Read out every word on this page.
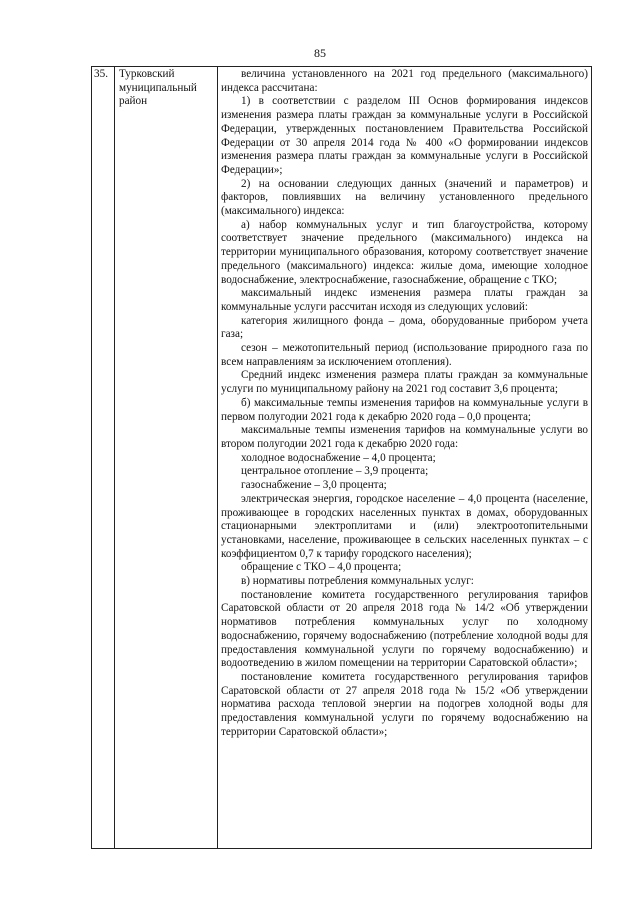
85
35. Турковский муниципальный район

величина установленного на 2021 год предельного (максимального) индекса рассчитана:

1) в соответствии с разделом III Основ формирования индексов изменения размера платы граждан за коммунальные услуги в Российской Федерации, утвержденных постановлением Правительства Российской Федерации от 30 апреля 2014 года № 400 «О формировании индексов изменения размера платы граждан за коммунальные услуги в Российской Федерации»;

2) на основании следующих данных (значений и параметров) и факторов, повлиявших на величину установленного предельного (максимального) индекса:

а) набор коммунальных услуг и тип благоустройства, которому соответствует значение предельного (максимального) индекса на территории муниципального образования, которому соответствует значение предельного (максимального) индекса: жилые дома, имеющие холодное водоснабжение, электроснабжение, газоснабжение, обращение с ТКО;

максимальный индекс изменения размера платы граждан за коммунальные услуги рассчитан исходя из следующих условий:

категория жилищного фонда – дома, оборудованные прибором учета газа;

сезон – межотопительный период (использование природного газа по всем направлениям за исключением отопления).

Средний индекс изменения размера платы граждан за коммунальные услуги по муниципальному району на 2021 год составит 3,6 процента;

б) максимальные темпы изменения тарифов на коммунальные услуги в первом полугодии 2021 года к декабрю 2020 года – 0,0 процента;

максимальные темпы изменения тарифов на коммунальные услуги во втором полугодии 2021 года к декабрю 2020 года:

холодное водоснабжение – 4,0 процента;

центральное отопление – 3,9 процента;

газоснабжение – 3,0 процента;

электрическая энергия, городское население – 4,0 процента (население, проживающее в городских населенных пунктах в домах, оборудованных стационарными электроплитами и (или) электроотопительными установками, население, проживающее в сельских населенных пунктах – с коэффициентом 0,7 к тарифу городского населения);

обращение с ТКО – 4,0 процента;

в) нормативы потребления коммунальных услуг:

постановление комитета государственного регулирования тарифов Саратовской области от 20 апреля 2018 года № 14/2 «Об утверждении нормативов потребления коммунальных услуг по холодному водоснабжению, горячему водоснабжению (потребление холодной воды для предоставления коммунальной услуги по горячему водоснабжению) и водоотведению в жилом помещении на территории Саратовской области»;

постановление комитета государственного регулирования тарифов Саратовской области от 27 апреля 2018 года № 15/2 «Об утверждении норматива расхода тепловой энергии на подогрев холодной воды для предоставления коммунальной услуги по горячему водоснабжению на территории Саратовской области»;
